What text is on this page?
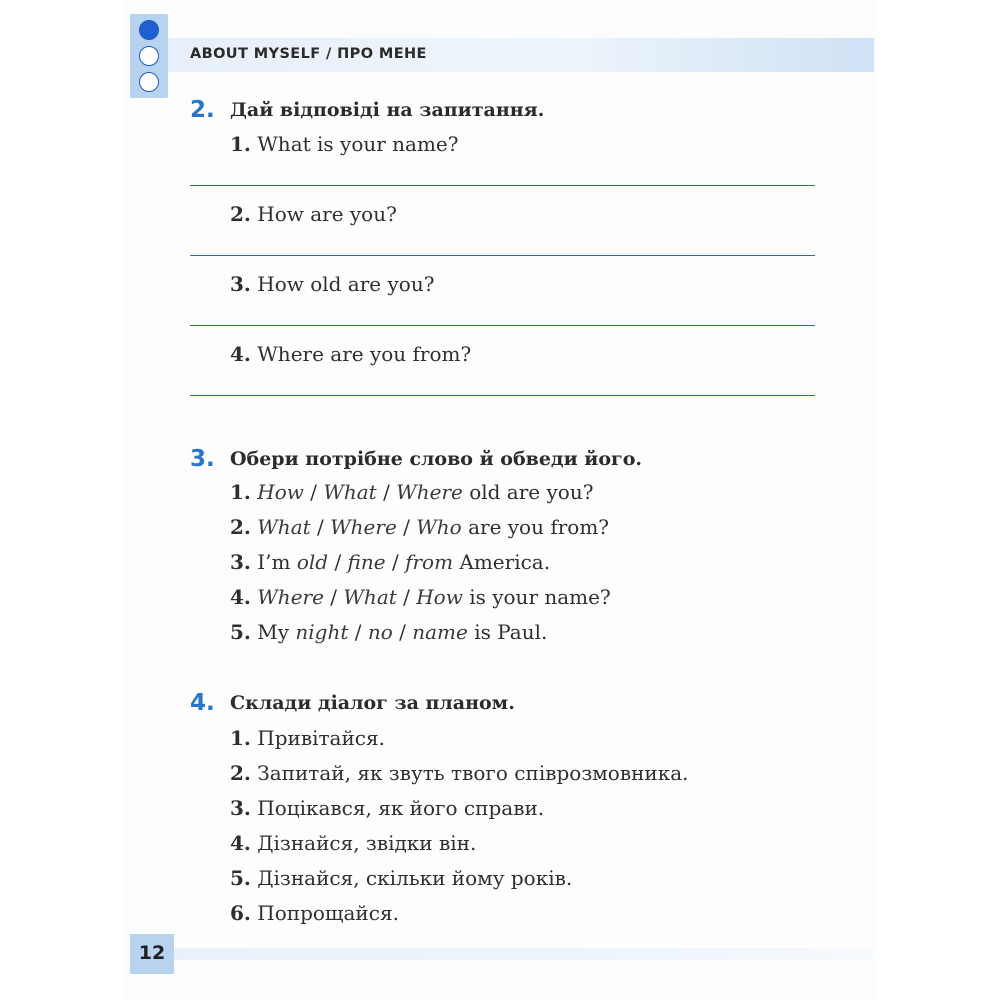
ABOUT MYSELF / ПРО МЕНЕ
2. Дай відповіді на запитання.
1. What is your name?
2. How are you?
3. How old are you?
4. Where are you from?
3. Обери потрібне слово й обведи його.
1. How / What / Where old are you?
2. What / Where / Who are you from?
3. I’m old / fine / from America.
4. Where / What / How is your name?
5. My night / no / name is Paul.
4. Склади діалог за планом.
1. Привітайся.
2. Запитай, як звуть твого співрозмовника.
3. Поцікався, як його справи.
4. Дізнайся, звідки він.
5. Дізнайся, скільки йому років.
6. Попрощайся.
12
